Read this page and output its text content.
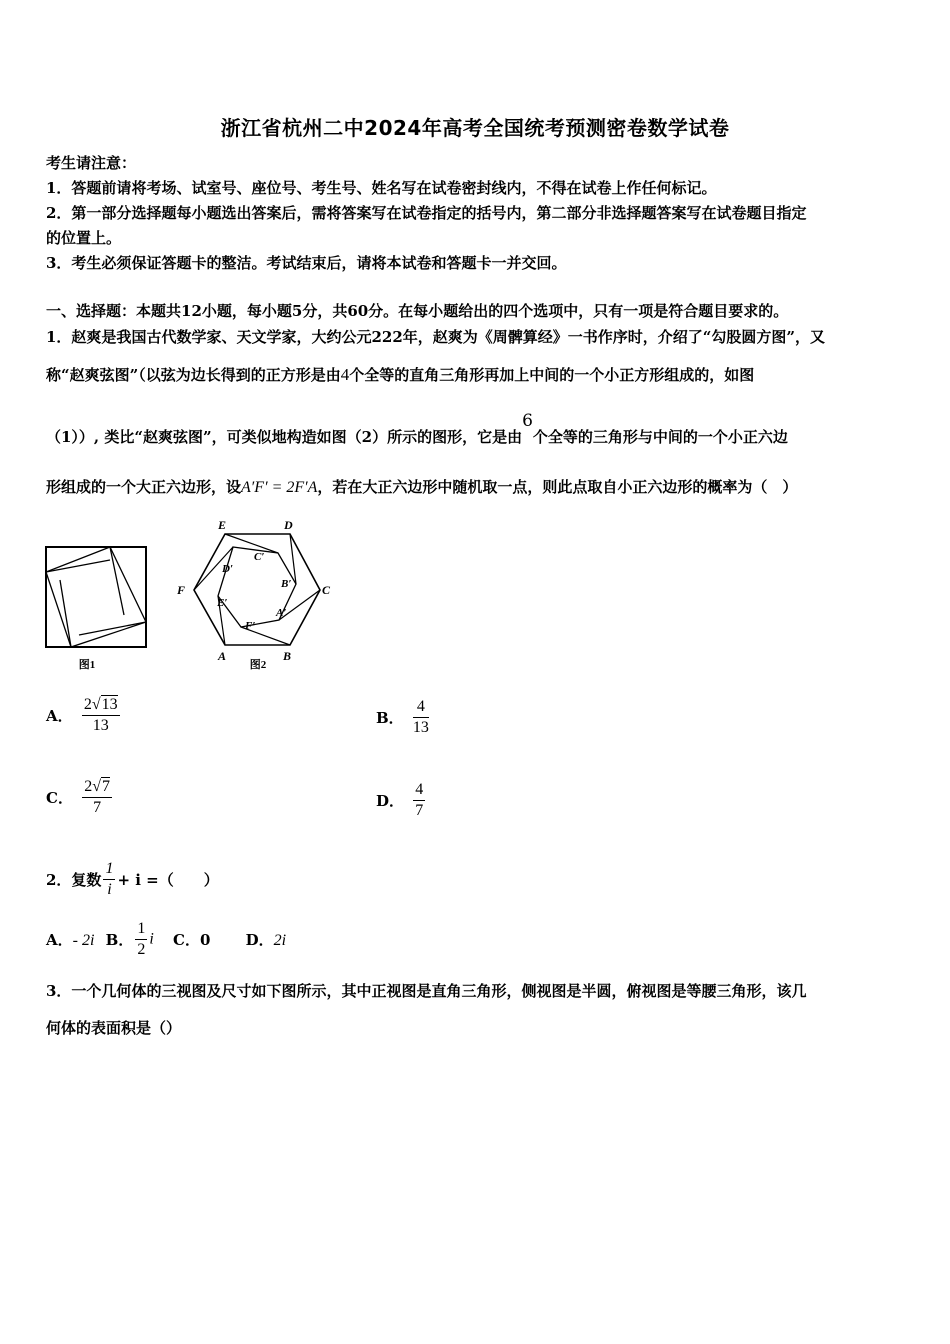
浙江省杭州二中2024年高考全国统考预测密卷数学试卷
考生请注意：
1．答题前请将考场、试室号、座位号、考生号、姓名写在试卷密封线内，不得在试卷上作任何标记。
2．第一部分选择题每小题选出答案后，需将答案写在试卷指定的括号内，第二部分非选择题答案写在试卷题目指定
的位置上。
3．考生必须保证答题卡的整洁。考试结束后，请将本试卷和答题卡一并交回。
一、选择题：本题共12小题，每小题5分，共60分。在每小题给出的四个选项中，只有一项是符合题目要求的。
1．赵爽是我国古代数学家、天文学家，大约公元222年，赵爽为《周髀算经》一书作序时，介绍了“勾股圆方图”，又
称“赵爽弦图”（以弦为边长得到的正方形是由4个全等的直角三角形再加上中间的一个小正方形组成的，如图
（1））, 类比“赵爽弦图”，可类似地构造如图（2）所示的图形，它是由6个全等的三角形与中间的一个小正六边
形组成的一个大正六边形，设A′F′ = 2F′A，若在大正六边形中随机取一点，则此点取自小正六边形的概率为（　）
图1
E	D
F	C
A	B
C′
D′
B′
E′
A′
F′
图2
A． $\frac{2√13}{13}$	B． $\frac{4}{13}$
C． $\frac{2√7}{7}$	D． $\frac{4}{7}$
2．复数 $\frac{1}{i} + i$ =（　　）
A．- 2i B． $\frac{1}{2}$ i C．0 D．2i
3．一个几何体的三视图及尺寸如下图所示，其中正视图是直角三角形，侧视图是半圆，俯视图是等腰三角形，该几
何体的表面积是（）
